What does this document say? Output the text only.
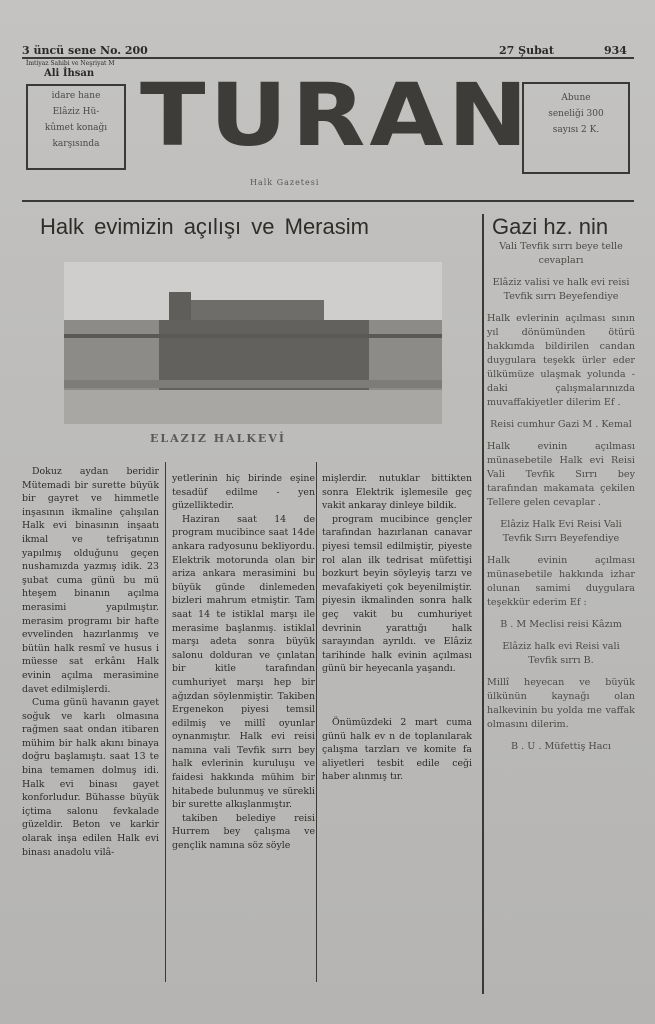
3 üncü sene No. 200	27 Şubat	934
İmtiyaz Sahibi ve Neşriyat M
Ali İhsan
idare hane
Elâziz Hü-
kûmet konağı
karşısında TURAN	Abune
seneliği 300
sayısı 2 K.
Halk Gazetesi
Halk evimizin açılışı ve Merasim	Gazi hz. nin
ELAZIZ HALKEVİ

Dokuz aydan beridir Mütemadi bir surette büyük bir gayret ve himmetle inşasının ikmaline çalışılan Halk evi binasının inşaatı ikmal ve tefrişatının yapılmış olduğunu geçen nushamızda yazmış idik. 23 şubat cuma günü bu mü hteşem binanın açılma merasimi yapılmıştır. merasim programı bir hafte evvelinden hazırlanmış ve bütün halk resmî ve husus i müesse sat erkânı Halk evinin açılma merasimine davet edilmişlerdi.

Cuma günü havanın gayet soğuk ve karlı olmasına rağmen saat ondan itibaren mühim bir halk akını binaya doğru başlamıştı. saat 13 te bina temamen dolmuş idi. Halk evi binası gayet konforludur. Bühasse büyük içtima salonu fevkalade güzeldir. Beton ve karkir olarak inşa edilen Halk evi binası anadolu vilâ-

yetlerinin hiç birinde eşine tesadüf edilme - yen güzelliktedir.

Haziran saat 14 de program mucibince saat 14de ankara radyosunu bekliyordu. Elektrik motorunda olan bir ariza ankara merasimini bu büyük günde dinlemeden bizleri mahrum etmiştir. Tam saat 14 te istiklal marşı ile merasime başlanmış. istiklal marşı adeta sonra büyük salonu dolduran ve çınlatan bir kitle tarafından cumhuriyet marşı hep bir ağızdan söylenmiştir. Takiben Ergenekon piyesi temsil edilmiş ve millî oyunlar oynanmıştır. Halk evi reisi namına vali Tevfik sırrı bey halk evlerinin kuruluşu ve faidesi hakkında mühim bir hitabede bulunmuş ve sürekli bir surette alkışlanmıştır.

takiben belediye reisi Hurrem bey çalışma ve gençlik namına söz söyle

mişlerdir. nutuklar bittikten sonra Elektrik işlemesile geç vakit ankaray dinleye bildik.

program mucibince gençler tarafından hazırlanan canavar piyesi temsil edilmiştir, piyeste rol alan ilk tedrisat müfettişi bozkurt beyin söyleyiş tarzı ve mevafakiyeti çok beyenilmiştir. piyesin ikmalinden sonra halk geç vakit bu cumhuriyet devrinin yarattığı halk sarayından ayrıldı. ve Elâziz tarihinde halk evinin açılması günü bir heyecanla yaşandı.

Önümüzdeki 2 mart cuma günü halk ev n de toplanılarak çalışma tarzları ve komite fa aliyetleri tesbit edile ceği haber alınmış tır.

Vali Tevfik sırrı beye telle cevapları
Elâziz valisi ve halk evi reisi Tevfik sırrı Beyefendiye
Halk evlerinin açılması sının yıl dönümünden ötürü hakkımda bildirilen candan duygulara teşekk ürler eder ülkümüze ulaşmak yolunda - daki çalışmalarınızda muvaffakiyetler dilerim Ef .
Reisi cumhur Gazi M . Kemal
Halk evinin açılması münasebetile Halk evi Reisi Vali Tevfik Sırrı bey tarafından makamata çekilen Tellere gelen cevaplar .
Elâziz Halk Evi Reisi Vali Tevfik Sırrı Beyefendiye
Halk evinin açılması münasebetile hakkında izhar olunan samimi duygulara teşekkür ederim Ef :
B . M Meclisi reisi Kâzım
Elâziz halk evi Reisi vali Tevfik sırrı B.
Millî heyecan ve büyük ülkünün kaynağı olan halkevinin bu yolda me vaffak olmasını dilerim.
B . U . Müfettiş Hacı
